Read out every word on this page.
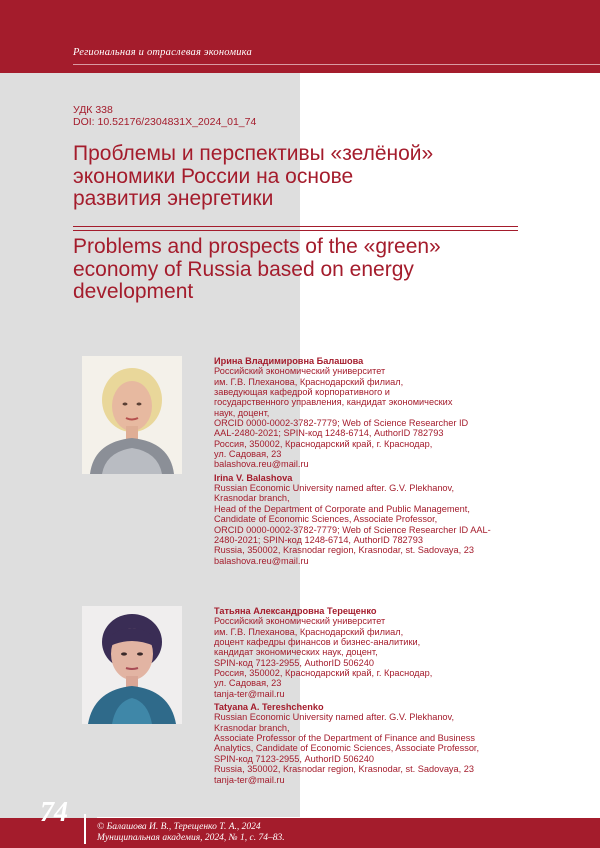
Региональная и отраслевая экономика
УДК 338
DOI: 10.52176/2304831X_2024_01_74
Проблемы и перспективы «зелёной»
экономики России на основе
развития энергетики
Problems and prospects of the «green»
economy of Russia based on energy
development
Ирина Владимировна Балашова
Российский экономический университет
им. Г.В. Плеханова, Краснодарский филиал,
заведующая кафедрой корпоративного и
государственного управления, кандидат экономических
наук, доцент,
ORCID 0000-0002-3782-7779; Web of Science Researcher ID
AAL-2480-2021; SPIN-код 1248-6714, AuthorID 782793
Россия, 350002, Краснодарский край, г. Краснодар,
ул. Садовая, 23
balashova.reu@mail.ru
Irina V. Balashova
Russian Economic University named after. G.V. Plekhanov,
Krasnodar branch,
Head of the Department of Corporate and Public Management,
Candidate of Economic Sciences, Associate Professor,
ORCID 0000-0002-3782-7779; Web of Science Researcher ID AAL-
2480-2021; SPIN-код 1248-6714, AuthorID 782793
Russia, 350002, Krasnodar region, Krasnodar, st. Sadovaya, 23
balashova.reu@mail.ru
Татьяна Александровна Терещенко
Российский экономический университет
им. Г.В. Плеханова, Краснодарский филиал,
доцент кафедры финансов и бизнес-аналитики,
кандидат экономических наук, доцент,
SPIN-код 7123-2955, AuthorID 506240
Россия, 350002, Краснодарский край, г. Краснодар,
ул. Садовая, 23
tanja-ter@mail.ru
Tatyana A. Tereshchenko
Russian Economic University named after. G.V. Plekhanov,
Krasnodar branch,
Associate Professor of the Department of Finance and Business
Analytics, Candidate of Economic Sciences, Associate Professor,
SPIN-код 7123-2955, AuthorID 506240
Russia, 350002, Krasnodar region, Krasnodar, st. Sadovaya, 23
tanja-ter@mail.ru
74	© Балашова И. В., Терещенко Т. А., 2024
Муниципальная академия, 2024, № 1, с. 74–83.
